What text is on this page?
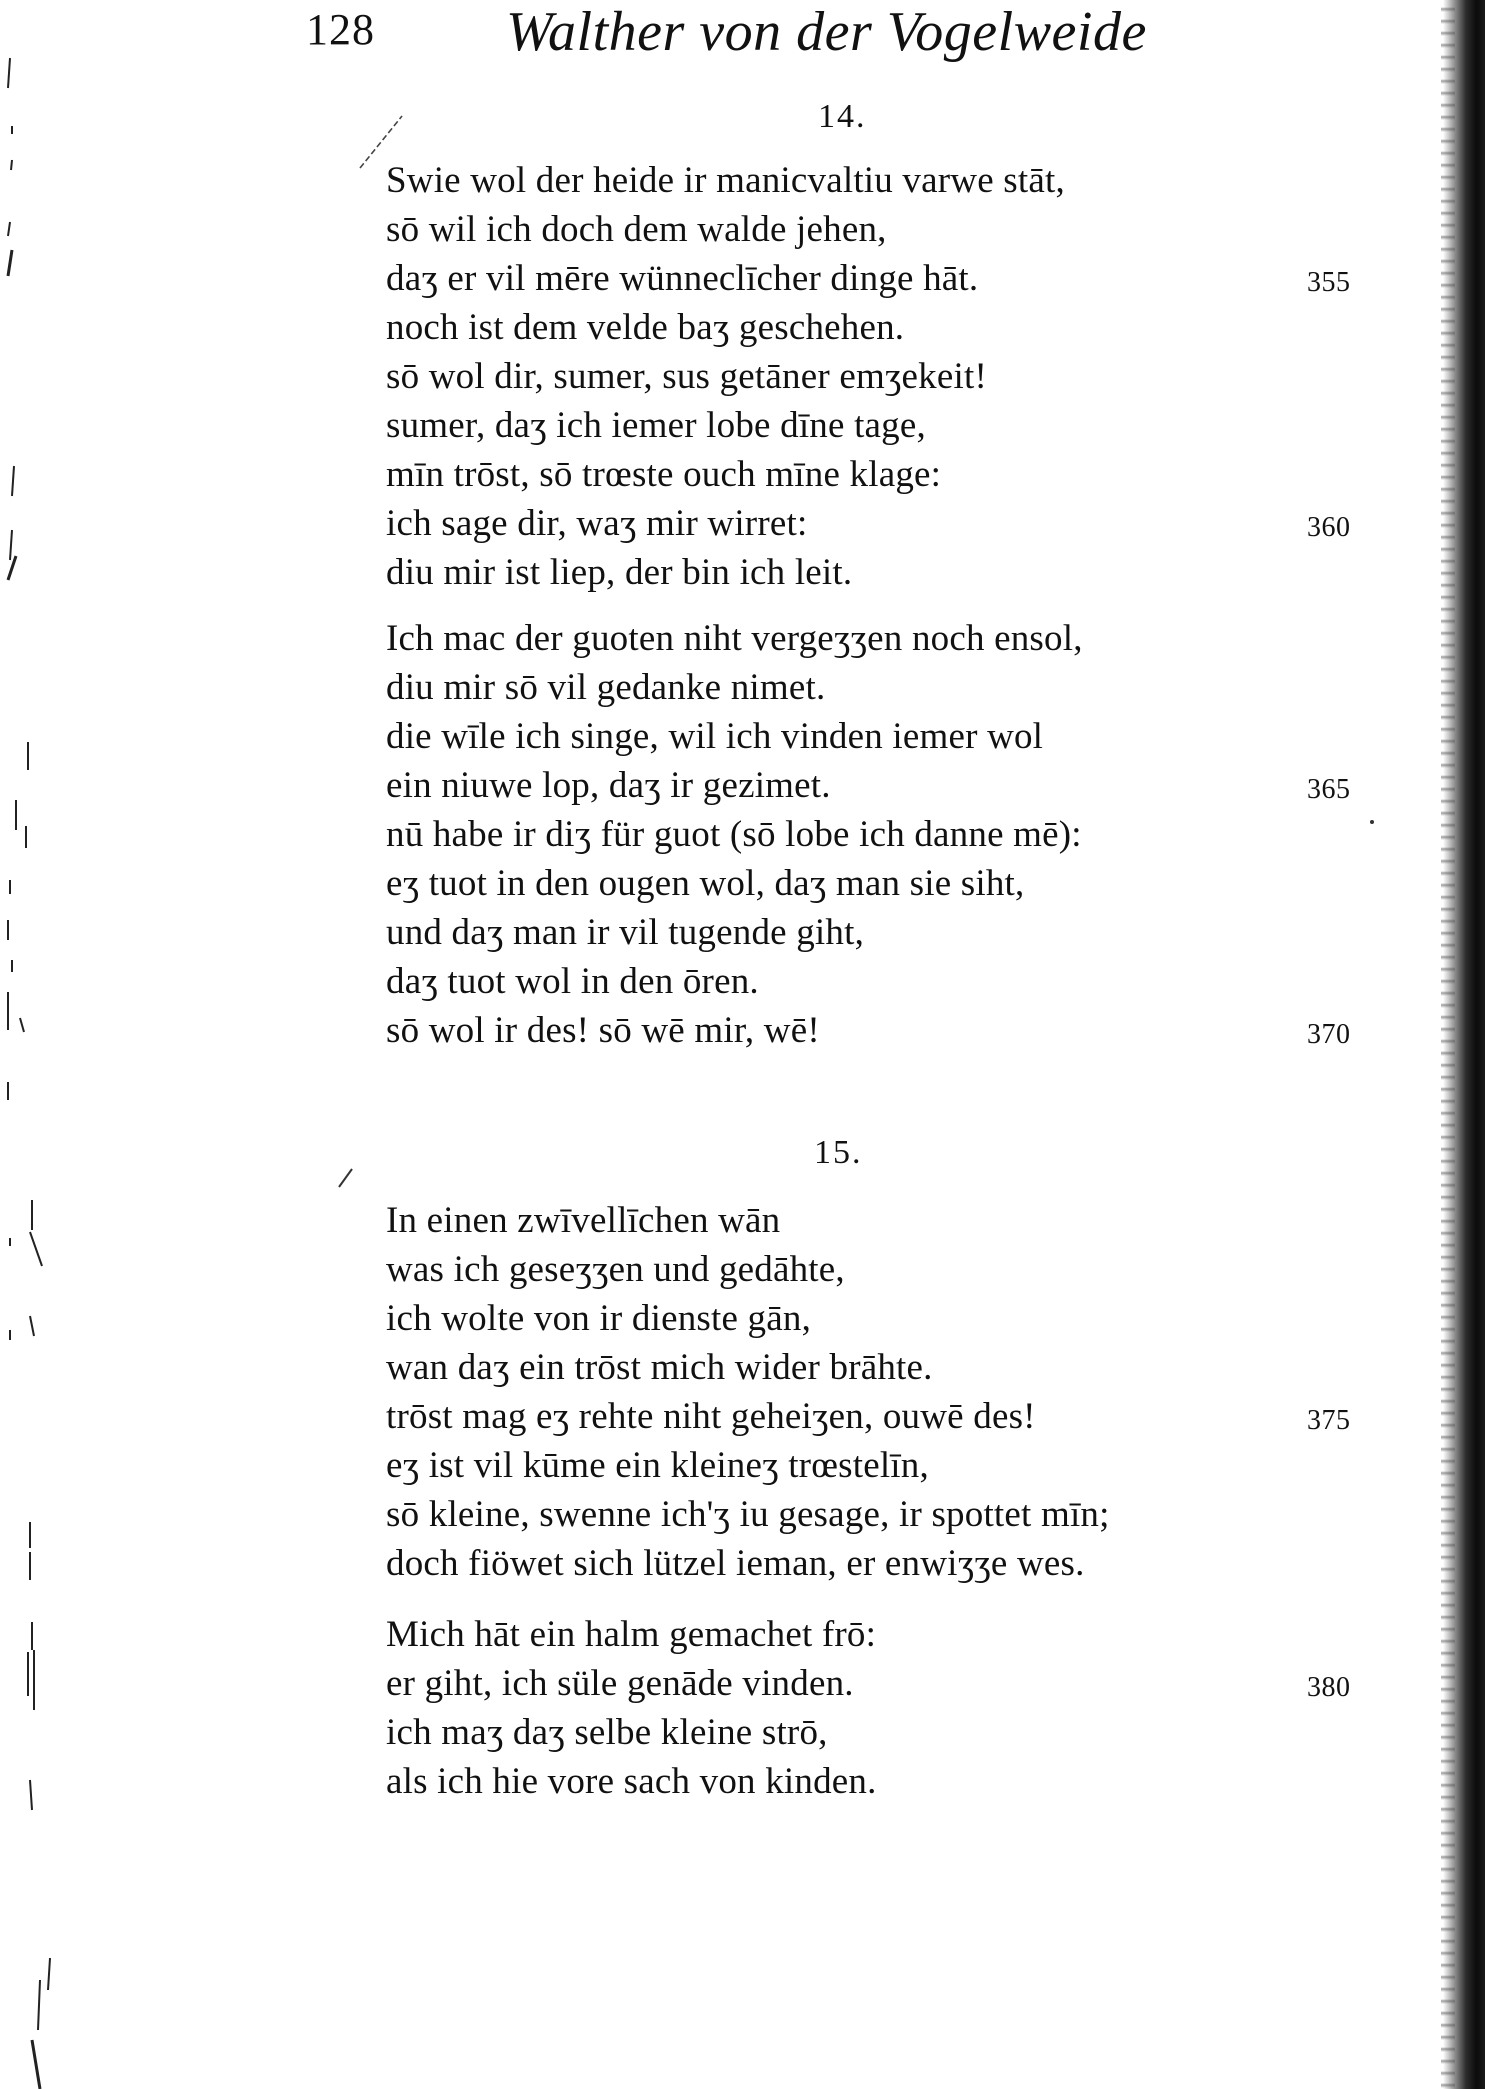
128 Walther von der Vogelweide
14.
Swie wol der heide ir manicvaltiu varwe stāt,
sō wil ich doch dem walde jehen,
daʒ er vil mēre wünneclīcher dinge hāt.	355
noch ist dem velde baʒ geschehen.
sō wol dir, sumer, sus getāner emʒekeit!
sumer, daʒ ich iemer lobe dīne tage,
mīn trōst, sō trœste ouch mīne klage:
ich sage dir, waʒ mir wirret:	360
diu mir ist liep, der bin ich leit.
Ich mac der guoten niht vergeʒʒen noch ensol,
diu mir sō vil gedanke nimet.
die wīle ich singe, wil ich vinden iemer wol
ein niuwe lop, daʒ ir gezimet.	365
nū habe ir diʒ für guot (sō lobe ich danne mē):
eʒ tuot in den ougen wol, daʒ man sie siht,
und daʒ man ir vil tugende giht,
daʒ tuot wol in den ōren.
sō wol ir des! sō wē mir, wē!	370
15.
In einen zwīvellīchen wān
was ich geseʒʒen und gedāhte,
ich wolte von ir dienste gān,
wan daʒ ein trōst mich wider brāhte.
trōst mag eʒ rehte niht geheiʒen, ouwē des!	375
eʒ ist vil kūme ein kleineʒ trœstelīn,
sō kleine, swenne ich'ʒ iu gesage, ir spottet mīn;
doch fiöwet sich lützel ieman, er enwiʒʒe wes.
Mich hāt ein halm gemachet frō:
er giht, ich süle genāde vinden.	380
ich maʒ daʒ selbe kleine strō,
als ich hie vore sach von kinden.
